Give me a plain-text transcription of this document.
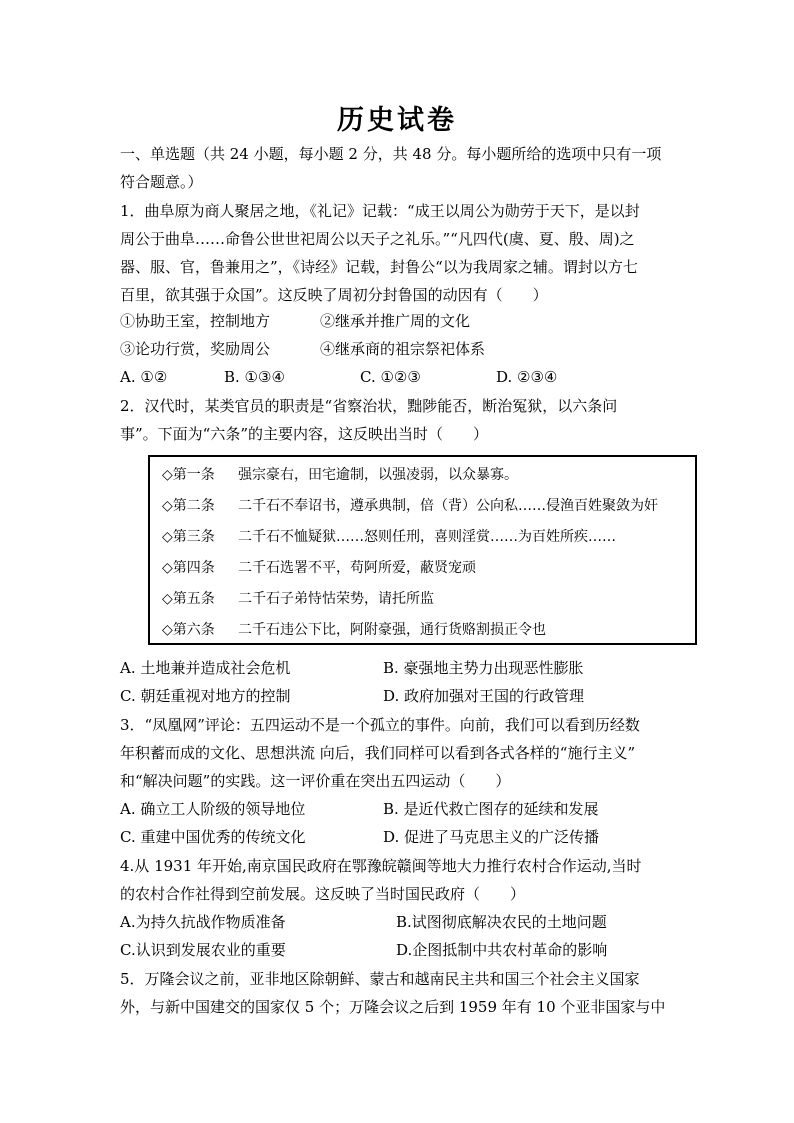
历史试卷
一、单选题（共 24 小题，每小题 2 分，共 48 分。每小题所给的选项中只有一项
符合题意。）
1．曲阜原为商人聚居之地，《礼记》记载：“成王以周公为勋劳于天下，是以封
周公于曲阜……命鲁公世世祀周公以天子之礼乐。”“凡四代(虞、夏、殷、周)之
器、服、官，鲁兼用之”，《诗经》记载，封鲁公“以为我周家之辅。谓封以方七
百里，欲其强于众国”。这反映了周初分封鲁国的动因有（　　）
①协助王室，控制地方	②继承并推广周的文化
③论功行赏，奖励周公	④继承商的祖宗祭祀体系
A. ①②	B. ①③④	C. ①②③	D. ②③④
2．汉代时，某类官员的职责是“省察治状，黜陟能否，断治冤狱，以六条问
事”。下面为“六条”的主要内容，这反映出当时（　　）
◇第一条 强宗豪右，田宅逾制，以强凌弱，以众暴寡。
◇第二条 二千石不奉诏书，遵承典制，倍（背）公向私……侵渔百姓聚敛为奸
◇第三条 二千石不恤疑狱……怒则任刑，喜则淫赏……为百姓所疾……
◇第四条 二千石选署不平，苟阿所爱，蔽贤宠顽
◇第五条 二千石子弟恃怙荣势，请托所监
◇第六条 二千石违公下比，阿附豪强，通行货赂割损正令也
A. 土地兼并造成社会危机	B. 豪强地主势力出现恶性膨胀
C. 朝廷重视对地方的控制	D. 政府加强对王国的行政管理
3．“凤凰网”评论：五四运动不是一个孤立的事件。向前，我们可以看到历经数
年积蓄而成的文化、思想洪流 向后，我们同样可以看到各式各样的“施行主义”
和“解决问题”的实践。这一评价重在突出五四运动（　　）
A. 确立工人阶级的领导地位	B. 是近代救亡图存的延续和发展
C. 重建中国优秀的传统文化	D. 促进了马克思主义的广泛传播
4.从 1931 年开始,南京国民政府在鄂豫皖赣闽等地大力推行农村合作运动,当时
的农村合作社得到空前发展。这反映了当时国民政府（　　）
A.为持久抗战作物质准备	B.试图彻底解决农民的土地问题
C.认识到发展农业的重要	D.企图抵制中共农村革命的影响
5．万隆会议之前，亚非地区除朝鲜、蒙古和越南民主共和国三个社会主义国家
外，与新中国建交的国家仅 5 个；万隆会议之后到 1959 年有 10 个亚非国家与中
